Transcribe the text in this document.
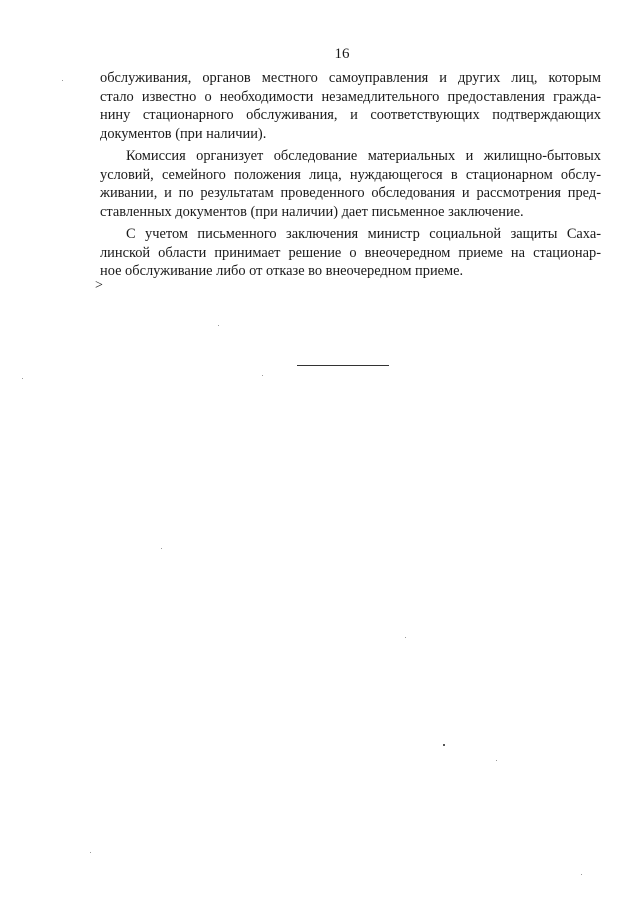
16

обслуживания, органов местного самоуправления и других лиц, которым
стало известно о необходимости незамедлительного предоставления гражда-
нину стационарного обслуживания, и соответствующих подтверждающих
документов (при наличии).

Комиссия организует обследование материальных и жилищно-бытовых
условий, семейного положения лица, нуждающегося в стационарном обслу-
живании, и по результатам проведенного обследования и рассмотрения пред-
ставленных документов (при наличии) дает письменное заключение.

С учетом письменного заключения министр социальной защиты Саха-
линской области принимает решение о внеочередном приеме на стационар-
ное обслуживание либо от отказе во внеочередном приеме.

>
